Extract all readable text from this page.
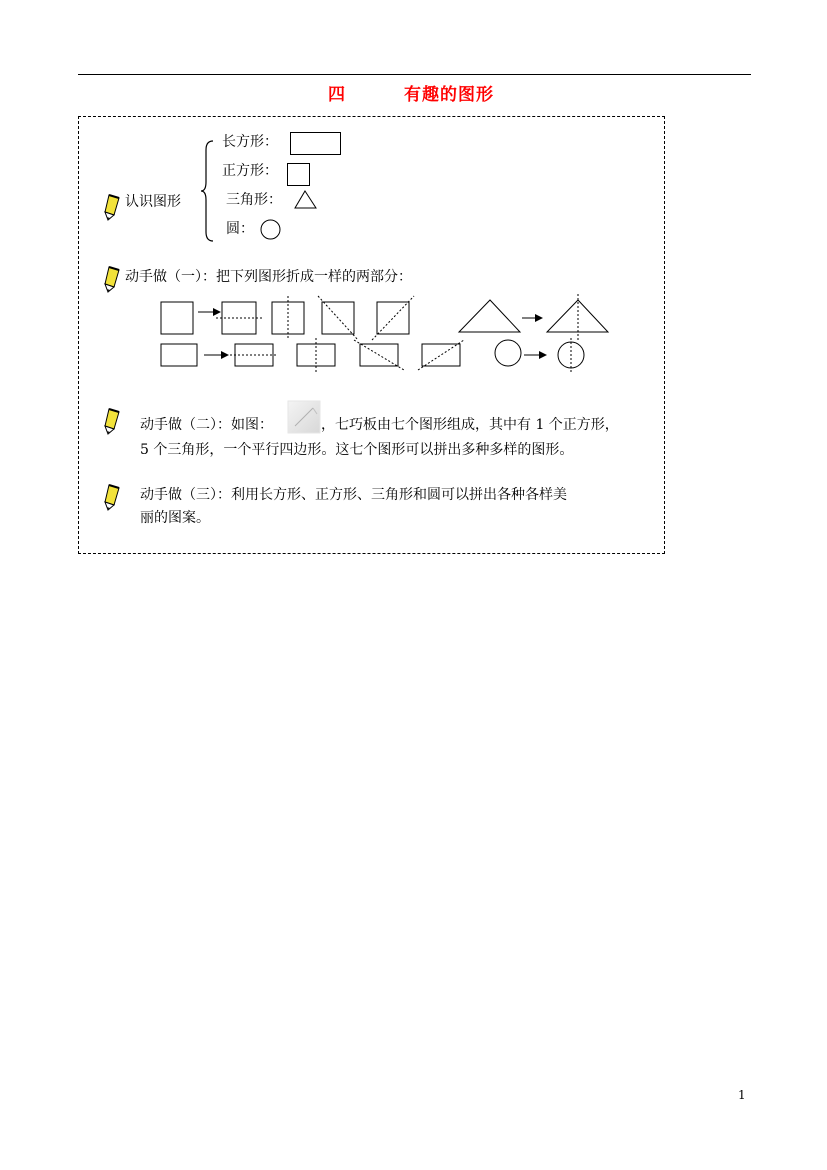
四	有趣的图形
认识图形
长方形：
正方形：
三角形：
圆：
动手做（一）：把下列图形折成一样的两部分：
动手做（二）：如图：	，七巧板由七个图形组成，其中有 1 个正方形，
5 个三角形，一个平行四边形。这七个图形可以拼出多种多样的图形。
动手做（三）：利用长方形、正方形、三角形和圆可以拼出各种各样美
丽的图案。
1
